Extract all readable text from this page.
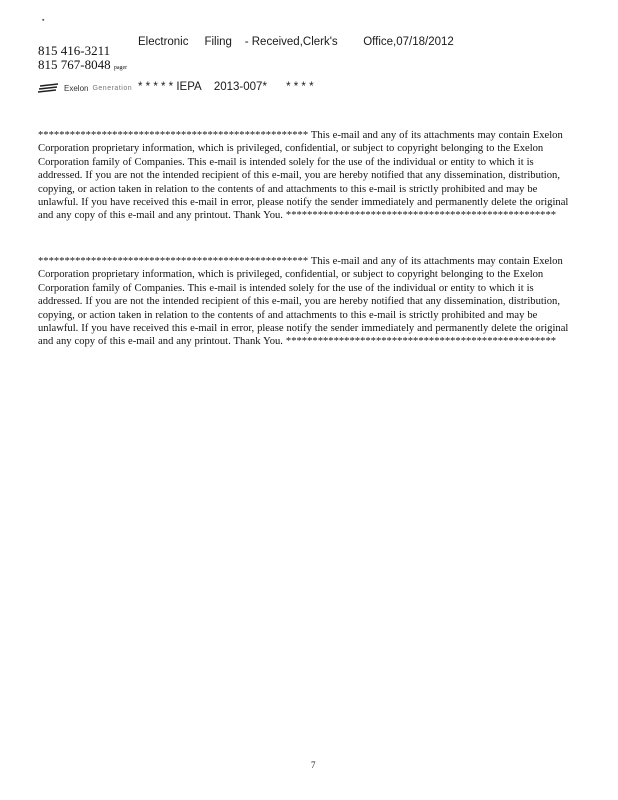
Electronic     Filing    - Received,Clerk's        Office,07/18/2012

* * * * * IEPA    2013-007*      * * * *

▪
815 416-3211
815 767-8048 pager
Exelon Generation
*************************************************** This e-mail and any of its attachments may contain Exelon Corporation proprietary information, which is privileged, confidential, or subject to copyright belonging to the Exelon Corporation family of Companies. This e-mail is intended solely for the use of the individual or entity to which it is addressed. If you are not the intended recipient of this e-mail, you are hereby notified that any dissemination, distribution, copying, or action taken in relation to the contents of and attachments to this e-mail is strictly prohibited and may be unlawful. If you have received this e-mail in error, please notify the sender immediately and permanently delete the original and any copy of this e-mail and any printout. Thank You. ***************************************************
*************************************************** This e-mail and any of its attachments may contain Exelon Corporation proprietary information, which is privileged, confidential, or subject to copyright belonging to the Exelon Corporation family of Companies. This e-mail is intended solely for the use of the individual or entity to which it is addressed. If you are not the intended recipient of this e-mail, you are hereby notified that any dissemination, distribution, copying, or action taken in relation to the contents of and attachments to this e-mail is strictly prohibited and may be unlawful. If you have received this e-mail in error, please notify the sender immediately and permanently delete the original and any copy of this e-mail and any printout. Thank You. ***************************************************
7
